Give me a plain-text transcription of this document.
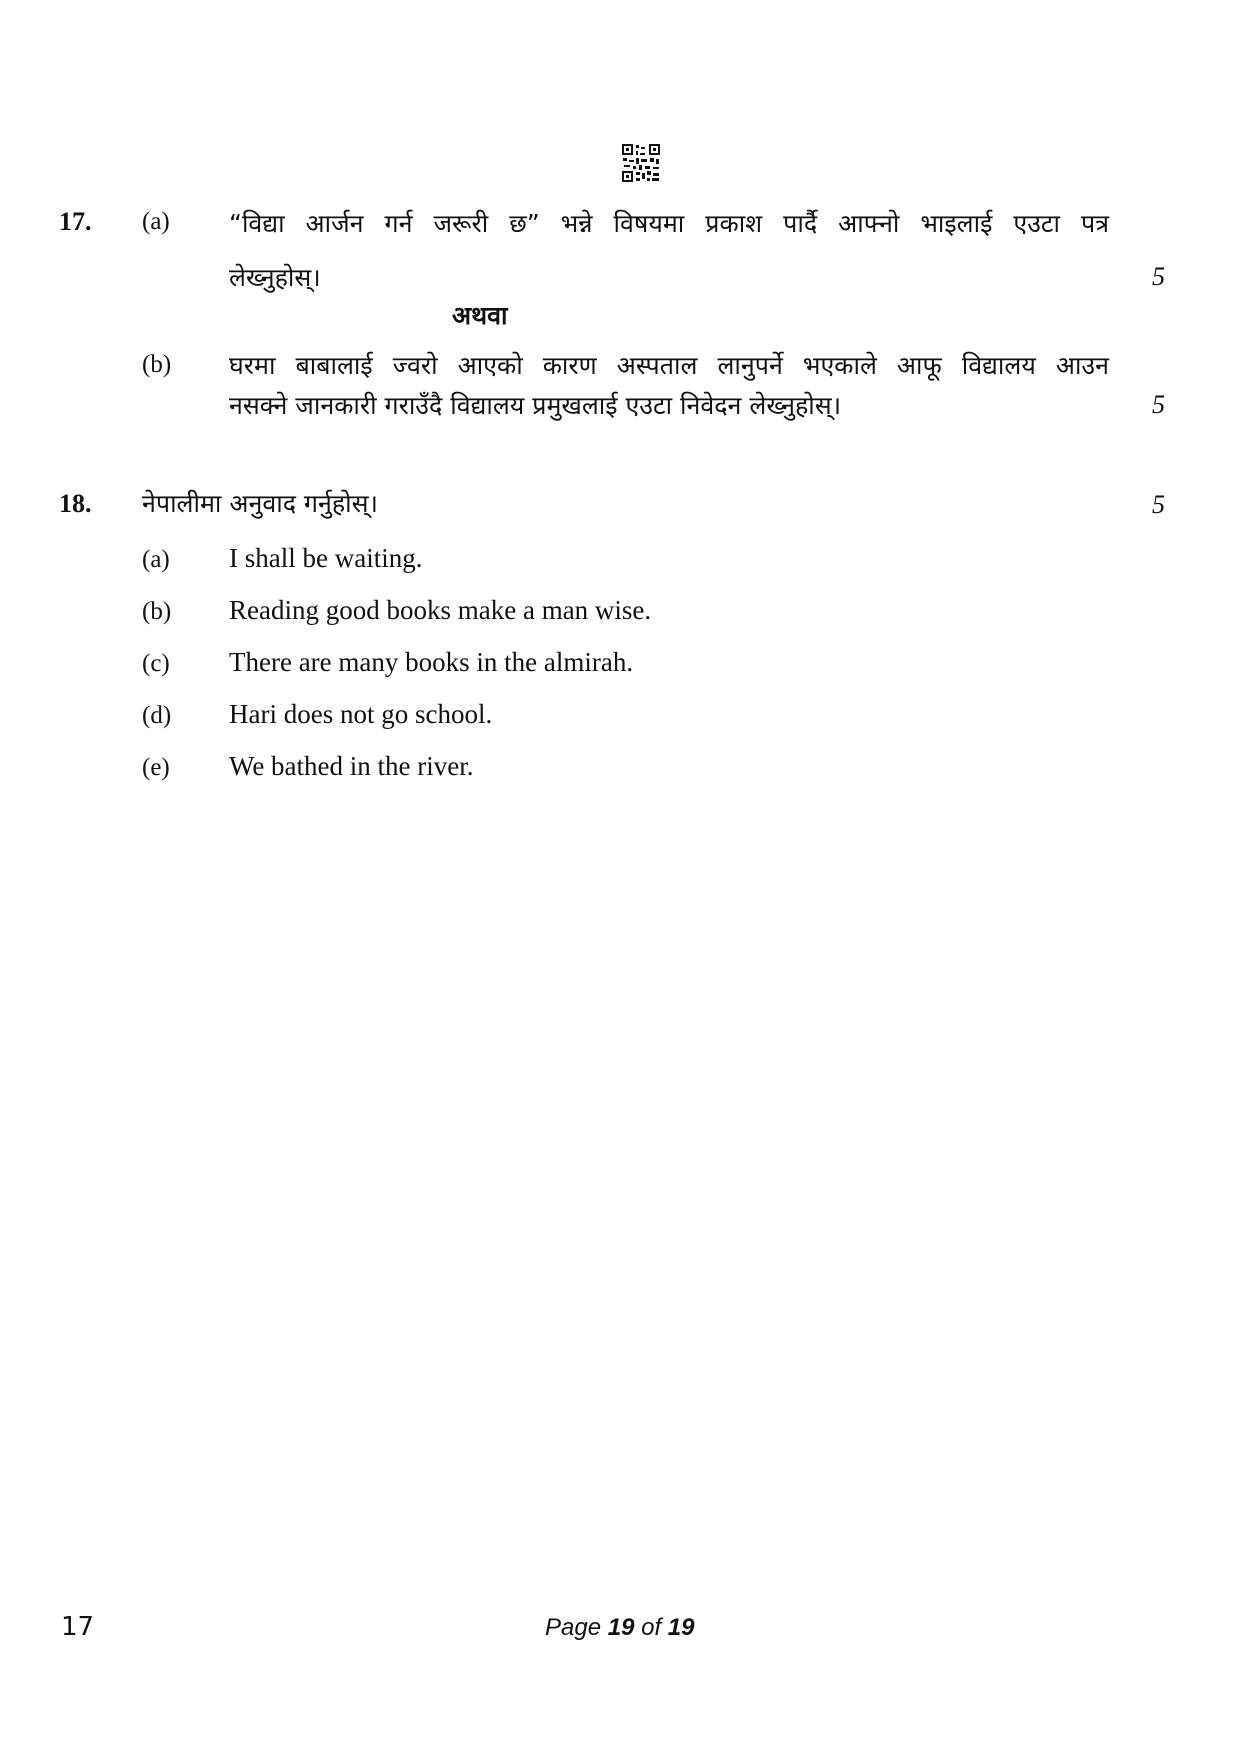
17. (a) “विद्या आर्जन गर्न जरूरी छ” भन्ने विषयमा प्रकाश पार्दै आफ्नो भाइलाई एउटा पत्र
लेख्नुहोस्।	5
अथवा
(b) घरमा बाबालाई ज्वरो आएको कारण अस्पताल लानुपर्ने भएकाले आफू विद्यालय आउन
नसक्ने जानकारी गराउँदै विद्यालय प्रमुखलाई एउटा निवेदन लेख्नुहोस्।	5
18. नेपालीमा अनुवाद गर्नुहोस्।	5
(a) I shall be waiting.
(b) Reading good books make a man wise.
(c) There are many books in the almirah.
(d) Hari does not go school.
(e) We bathed in the river.
17	Page 19 of 19
